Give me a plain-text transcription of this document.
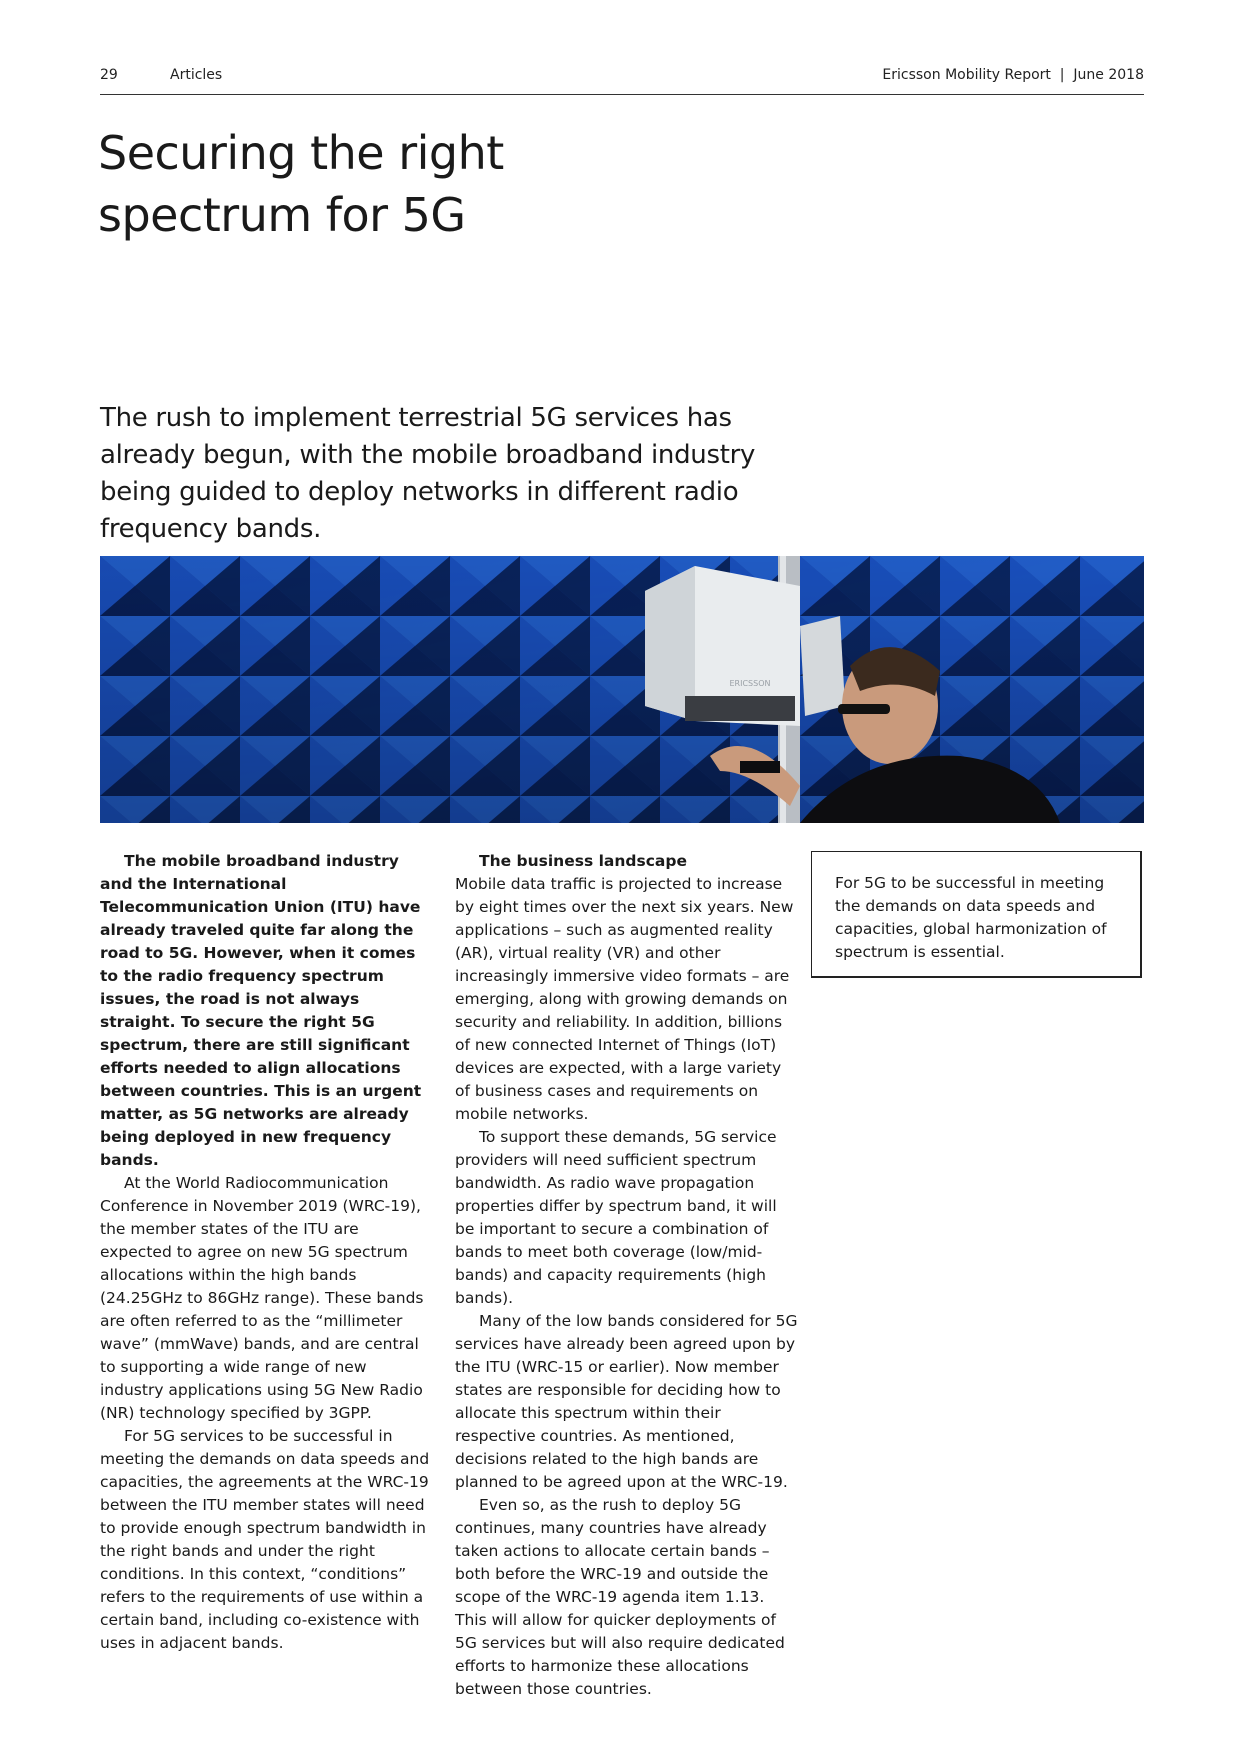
29	Articles	Ericsson Mobility Report  |  June 2018
Securing the right
spectrum for 5G

The rush to implement terrestrial 5G services has already begun, with the mobile broadband industry being guided to deploy networks in different radio frequency bands.

ERICSSON

The mobile broadband industry and the International Telecommunication Union (ITU) have already traveled quite far along the road to 5G. However, when it comes to the radio frequency spectrum issues, the road is not always straight. To secure the right 5G spectrum, there are still significant efforts needed to align allocations between countries. This is an urgent matter, as 5G networks are already being deployed in new frequency bands.

At the World Radiocommunication Conference in November 2019 (WRC-19), the member states of the ITU are expected to agree on new 5G spectrum allocations within the high bands (24.25GHz to 86GHz range). These bands are often referred to as the “millimeter wave” (mmWave) bands, and are central to supporting a wide range of new industry applications using 5G New Radio (NR) technology specified by 3GPP.

For 5G services to be successful in meeting the demands on data speeds and capacities, the agreements at the WRC-19 between the ITU member states will need to provide enough spectrum bandwidth in the right bands and under the right conditions. In this context, “conditions” refers to the requirements of use within a certain band, including co-existence with uses in adjacent bands.

The business landscape

Mobile data traffic is projected to increase by eight times over the next six years. New applications – such as augmented reality (AR), virtual reality (VR) and other increasingly immersive video formats – are emerging, along with growing demands on security and reliability. In addition, billions of new connected Internet of Things (IoT) devices are expected, with a large variety of business cases and requirements on mobile networks.

To support these demands, 5G service providers will need sufficient spectrum bandwidth. As radio wave propagation properties differ by spectrum band, it will be important to secure a combination of bands to meet both coverage (low/mid-bands) and capacity requirements (high bands).

Many of the low bands considered for 5G services have already been agreed upon by the ITU (WRC-15 or earlier). Now member states are responsible for deciding how to allocate this spectrum within their respective countries. As mentioned, decisions related to the high bands are planned to be agreed upon at the WRC-19.

Even so, as the rush to deploy 5G continues, many countries have already taken actions to allocate certain bands – both before the WRC-19 and outside the scope of the WRC-19 agenda item 1.13. This will allow for quicker deployments of 5G services but will also require dedicated efforts to harmonize these allocations between those countries.

For 5G to be successful in meeting the demands on data speeds and capacities, global harmonization of spectrum is essential.
